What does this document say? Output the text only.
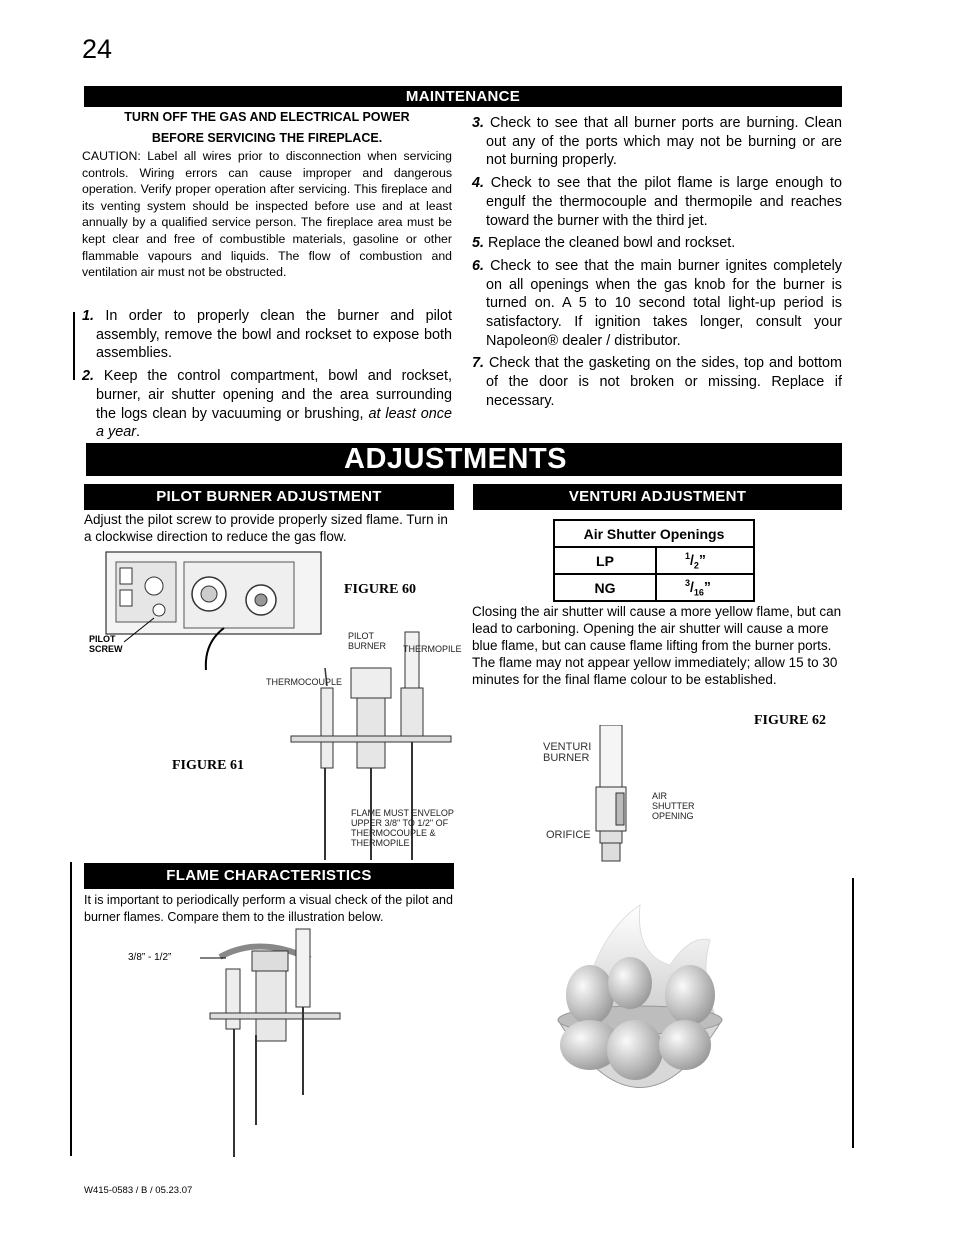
24
MAINTENANCE
TURN OFF THE GAS AND ELECTRICAL POWER
BEFORE SERVICING THE FIREPLACE.
CAUTION: Label all wires prior to disconnection when servicing controls. Wiring errors can cause improper and dangerous operation. Verify proper operation after servicing. This fireplace and its venting system should be inspected before use and at least annually by a qualified service person. The fireplace area must be kept clear and free of combustible materials, gasoline or other flammable vapours and liquids. The flow of combustion and ventilation air must not be obstructed.

1. In order to properly clean the burner and pilot assembly, remove the bowl and rockset to expose both assemblies.

2. Keep the control compartment, bowl and rockset, burner, air shutter opening and the area surrounding the logs clean by vacuuming or brushing, at least once a year.

3. Check to see that all burner ports are burning. Clean out any of the ports which may not be burning or are not burning properly.

4. Check to see that the pilot flame is large enough to engulf the thermocouple and thermopile and reaches toward the burner with the third jet.

5. Replace the cleaned bowl and rockset.

6. Check to see that the main burner ignites completely on all openings when the gas knob for the burner is turned on. A 5 to 10 second total light-up period is satisfactory. If ignition takes longer, consult your Napoleon® dealer / distributor.

7. Check that the gasketing on the sides, top and bottom of the door is not broken or missing. Replace if necessary.

ADJUSTMENTS
PILOT BURNER ADJUSTMENT
Adjust the pilot screw to provide properly sized flame. Turn in a clockwise direction to reduce the gas flow.
PILOT
SCREW
FIGURE 60
PILOT
BURNER THERMOPILE
THERMOCOUPLE
FLAME MUST ENVELOP
UPPER 3/8" TO 1/2" OF
THERMOCOUPLE &
THERMOPILE
FIGURE 61
VENTURI ADJUSTMENT
Air Shutter Openings	
LP	$^1/_2$”
NG	$^3/_{16}$”
Closing the air shutter will cause a more yellow flame, but can lead to carboning. Opening the air shutter will cause a more blue flame, but can cause flame lifting from the burner ports. The flame may not appear yellow immediately; allow 15 to 30 minutes for the final flame colour to be established.
FIGURE 62
VENTURI
BURNER
ORIFICE
AIR
SHUTTER
OPENING
FLAME CHARACTERISTICS
It is important to periodically perform a visual check of the pilot and burner flames. Compare them to the illustration below.
3/8” - 1/2”
W415-0583 / B / 05.23.07
